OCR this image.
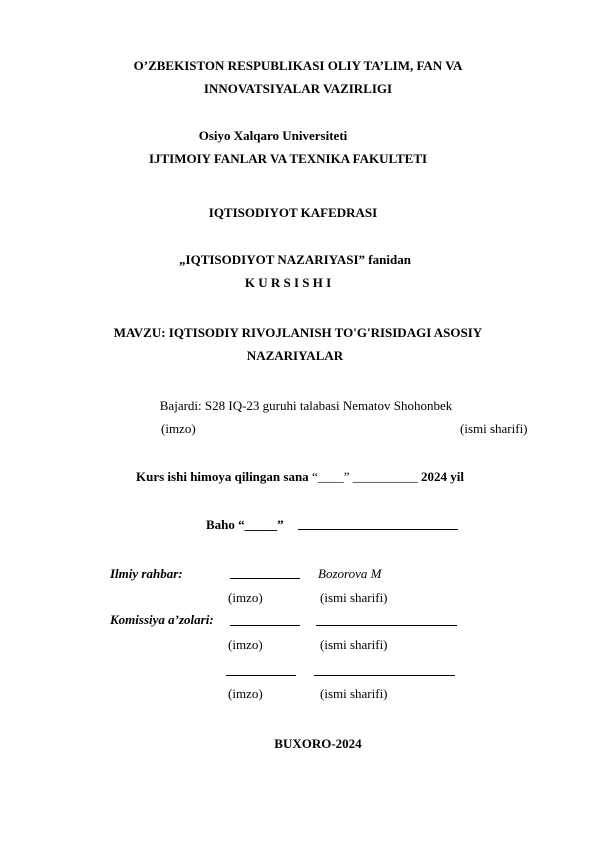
O’ZBEKISTON RESPUBLIKASI OLIY TA’LIM, FAN VA
INNOVATSIYALAR VAZIRLIGI
Osiyo Xalqaro Universiteti
IJTIMOIY FANLAR VA TEXNIKA FAKULTETI
IQTISODIYOT KAFEDRASI
„IQTISODIYOT NAZARIYASI” fanidan
K U R S I S H I
MAVZU: IQTISODIY RIVOJLANISH TO'G'RISIDAGI ASOSIY
NAZARIYALAR
Bajardi: S28 IQ-23 guruhi talabasi Nematov Shohonbek
(imzo)	(ismi sharifi)
Kurs ishi himoya qilingan sana “____” __________ 2024 yil
Baho “_____”
Ilmiy rahbar:	Bozorova M
(imzo)	(ismi sharifi)
Komissiya a’zolari:
(imzo)	(ismi sharifi)
(imzo)	(ismi sharifi)
BUXORO-2024
